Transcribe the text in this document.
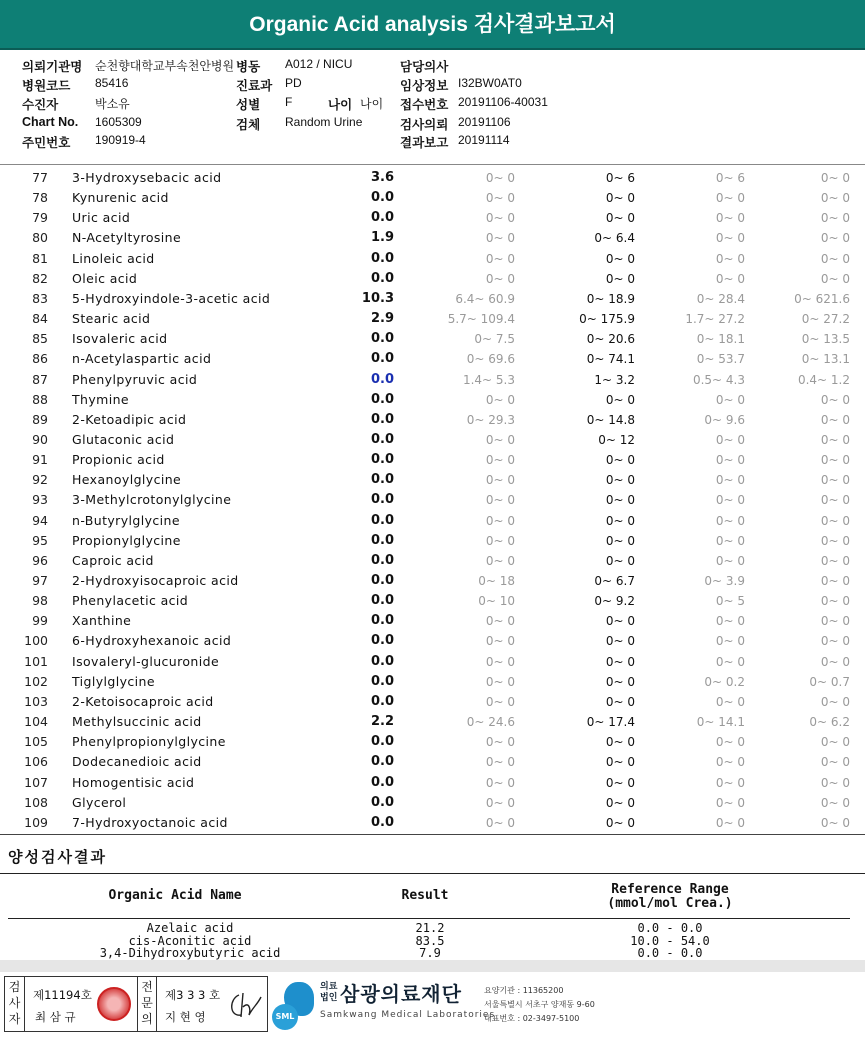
Organic Acid analysis 검사결과보고서
의뢰기관명 순천향대학교부속천안병원
병원코드 85416
수진자	박소유
Chart No. 1605309
주민번호 190919-4
병동 A012 / NICU
진료과 PD
성별 F	나이 나이
검체 Random Urine
담당의사
임상정보 I32BW0AT0
접수번호 20191106-40031
검사의뢰 20191106
결과보고 20191114
77 3-Hydroxysebacic acid	3.6	0~ 0	0~ 6	0~ 6	0~ 0
78 Kynurenic acid	0.0	0~ 0	0~ 0	0~ 0	0~ 0
79 Uric acid	0.0	0~ 0	0~ 0	0~ 0	0~ 0
80 N-Acetyltyrosine	1.9	0~ 0	0~ 6.4	0~ 0	0~ 0
81 Linoleic acid	0.0	0~ 0	0~ 0	0~ 0	0~ 0
82 Oleic acid	0.0	0~ 0	0~ 0	0~ 0	0~ 0
83 5-Hydroxyindole-3-acetic acid	10.3	6.4~ 60.9	0~ 18.9	0~ 28.4	0~ 621.6
84 Stearic acid	2.9	5.7~ 109.4	0~ 175.9	1.7~ 27.2	0~ 27.2
85 Isovaleric acid	0.0	0~ 7.5	0~ 20.6	0~ 18.1	0~ 13.5
86 n-Acetylaspartic acid	0.0	0~ 69.6	0~ 74.1	0~ 53.7	0~ 13.1
87 Phenylpyruvic acid	0.0	1.4~ 5.3	1~ 3.2	0.5~ 4.3	0.4~ 1.2
88 Thymine	0.0	0~ 0	0~ 0	0~ 0	0~ 0
89 2-Ketoadipic acid	0.0	0~ 29.3	0~ 14.8	0~ 9.6	0~ 0
90 Glutaconic acid	0.0	0~ 0	0~ 12	0~ 0	0~ 0
91 Propionic acid	0.0	0~ 0	0~ 0	0~ 0	0~ 0
92 Hexanoylglycine	0.0	0~ 0	0~ 0	0~ 0	0~ 0
93 3-Methylcrotonylglycine	0.0	0~ 0	0~ 0	0~ 0	0~ 0
94 n-Butyrylglycine	0.0	0~ 0	0~ 0	0~ 0	0~ 0
95 Propionylglycine	0.0	0~ 0	0~ 0	0~ 0	0~ 0
96 Caproic acid	0.0	0~ 0	0~ 0	0~ 0	0~ 0
97 2-Hydroxyisocaproic acid	0.0	0~ 18	0~ 6.7	0~ 3.9	0~ 0
98 Phenylacetic acid	0.0	0~ 10	0~ 9.2	0~ 5	0~ 0
99 Xanthine	0.0	0~ 0	0~ 0	0~ 0	0~ 0
100 6-Hydroxyhexanoic acid	0.0	0~ 0	0~ 0	0~ 0	0~ 0
101 Isovaleryl-glucuronide	0.0	0~ 0	0~ 0	0~ 0	0~ 0
102 Tiglylglycine	0.0	0~ 0	0~ 0	0~ 0.2	0~ 0.7
103 2-Ketoisocaproic acid	0.0	0~ 0	0~ 0	0~ 0	0~ 0
104 Methylsuccinic acid	2.2	0~ 24.6	0~ 17.4	0~ 14.1	0~ 6.2
105 Phenylpropionylglycine	0.0	0~ 0	0~ 0	0~ 0	0~ 0
106 Dodecanedioic acid	0.0	0~ 0	0~ 0	0~ 0	0~ 0
107 Homogentisic acid	0.0	0~ 0	0~ 0	0~ 0	0~ 0
108 Glycerol	0.0	0~ 0	0~ 0	0~ 0	0~ 0
109 7-Hydroxyoctanoic acid	0.0	0~ 0	0~ 0	0~ 0	0~ 0
양성검사결과
Organic Acid Name	Result	Reference Range
(mmol/mol Crea.)
Azelaic acid	21.2	0.0 - 0.0
cis-Aconitic acid	83.5	10.0 - 54.0
3,4-Dihydroxybutyric acid	7.9	0.0 - 0.0
검
사
자
제11194호
최 삼 규
전
문
의
제3 3 3 호
지 현 영	SML
의료
법인 삼광의료재단
Samkwang Medical Laboratories
요양기관 : 11365200
서울특별시 서초구 양재동 9-60
대표번호 : 02-3497-5100
